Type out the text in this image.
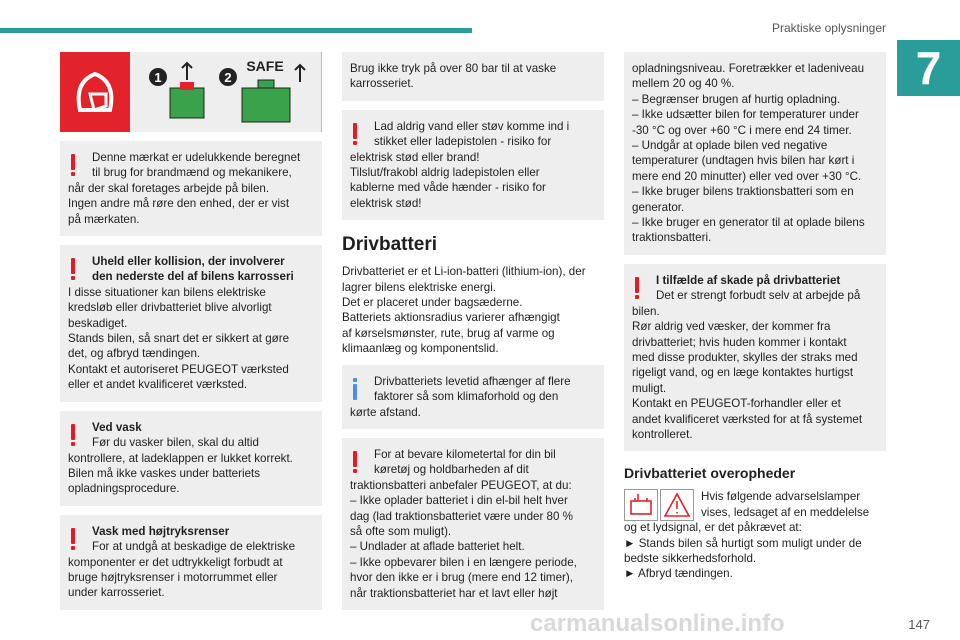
Praktiske oplysninger
7
1	2
SAFE
Denne mærkat er udelukkende beregnet
til brug for brandmænd og mekanikere,
når der skal foretages arbejde på bilen.
Ingen andre må røre den enhed, der er vist
på mærkaten.
Uheld eller kollision, der involverer
den nederste del af bilens karrosseri
I disse situationer kan bilens elektriske
kredsløb eller drivbatteriet blive alvorligt
beskadiget.
Stands bilen, så snart det er sikkert at gøre
det, og afbryd tændingen.
Kontakt et autoriseret PEUGEOT værksted
eller et andet kvalificeret værksted.
Ved vask
Før du vasker bilen, skal du altid
kontrollere, at ladeklappen er lukket korrekt.
Bilen må ikke vaskes under batteriets
opladningsprocedure.
Vask med højtryksrenser
For at undgå at beskadige de elektriske
komponenter er det udtrykkeligt forbudt at
bruge højtryksrenser i motorrummet eller
under karrosseriet.
Brug ikke tryk på over 80 bar til at vaske
karrosseriet.
Lad aldrig vand eller støv komme ind i
stikket eller ladepistolen - risiko for
elektrisk stød eller brand!
Tilslut/frakobl aldrig ladepistolen eller
kablerne med våde hænder - risiko for
elektrisk stød!
Drivbatteri
Drivbatteriet er et Li-ion-batteri (lithium-ion), der
lagrer bilens elektriske energi.
Det er placeret under bagsæderne.
Batteriets aktionsradius varierer afhængigt
af kørselsmønster, rute, brug af varme og
klimaanlæg og komponentslid.
Drivbatteriets levetid afhænger af flere
faktorer så som klimaforhold og den
kørte afstand.
For at bevare kilometertal for din bil
køretøj og holdbarheden af dit
traktionsbatteri anbefaler PEUGEOT, at du:
– Ikke oplader batteriet i din el-bil helt hver
dag (lad traktionsbatteriet være under 80 %
så ofte som muligt).
– Undlader at aflade batteriet helt.
– Ikke opbevarer bilen i en længere periode,
hvor den ikke er i brug (mere end 12 timer),
når traktionsbatteriet har et lavt eller højt
opladningsniveau. Foretrækker et ladeniveau
mellem 20 og 40 %.
– Begrænser brugen af hurtig opladning.
– Ikke udsætter bilen for temperaturer under
-30 °C og over +60 °C i mere end 24 timer.
– Undgår at oplade bilen ved negative
temperaturer (undtagen hvis bilen har kørt i
mere end 20 minutter) eller ved over +30 °C.
– Ikke bruger bilens traktionsbatteri som en
generator.
– Ikke bruger en generator til at oplade bilens
traktionsbatteri.
I tilfælde af skade på drivbatteriet
Det er strengt forbudt selv at arbejde på
bilen.
Rør aldrig ved væsker, der kommer fra
drivbatteriet; hvis huden kommer i kontakt
med disse produkter, skylles der straks med
rigeligt vand, og en læge kontaktes hurtigst
muligt.
Kontakt en PEUGEOT-forhandler eller et
andet kvalificeret værksted for at få systemet
kontrolleret.
Drivbatteriet overopheder
Hvis følgende advarselslamper
vises, ledsaget af en meddelelse
og et lydsignal, er det påkrævet at:
► Stands bilen så hurtigt som muligt under de
bedste sikkerhedsforhold.
► Afbryd tændingen.
carmanualsonline.info	147
